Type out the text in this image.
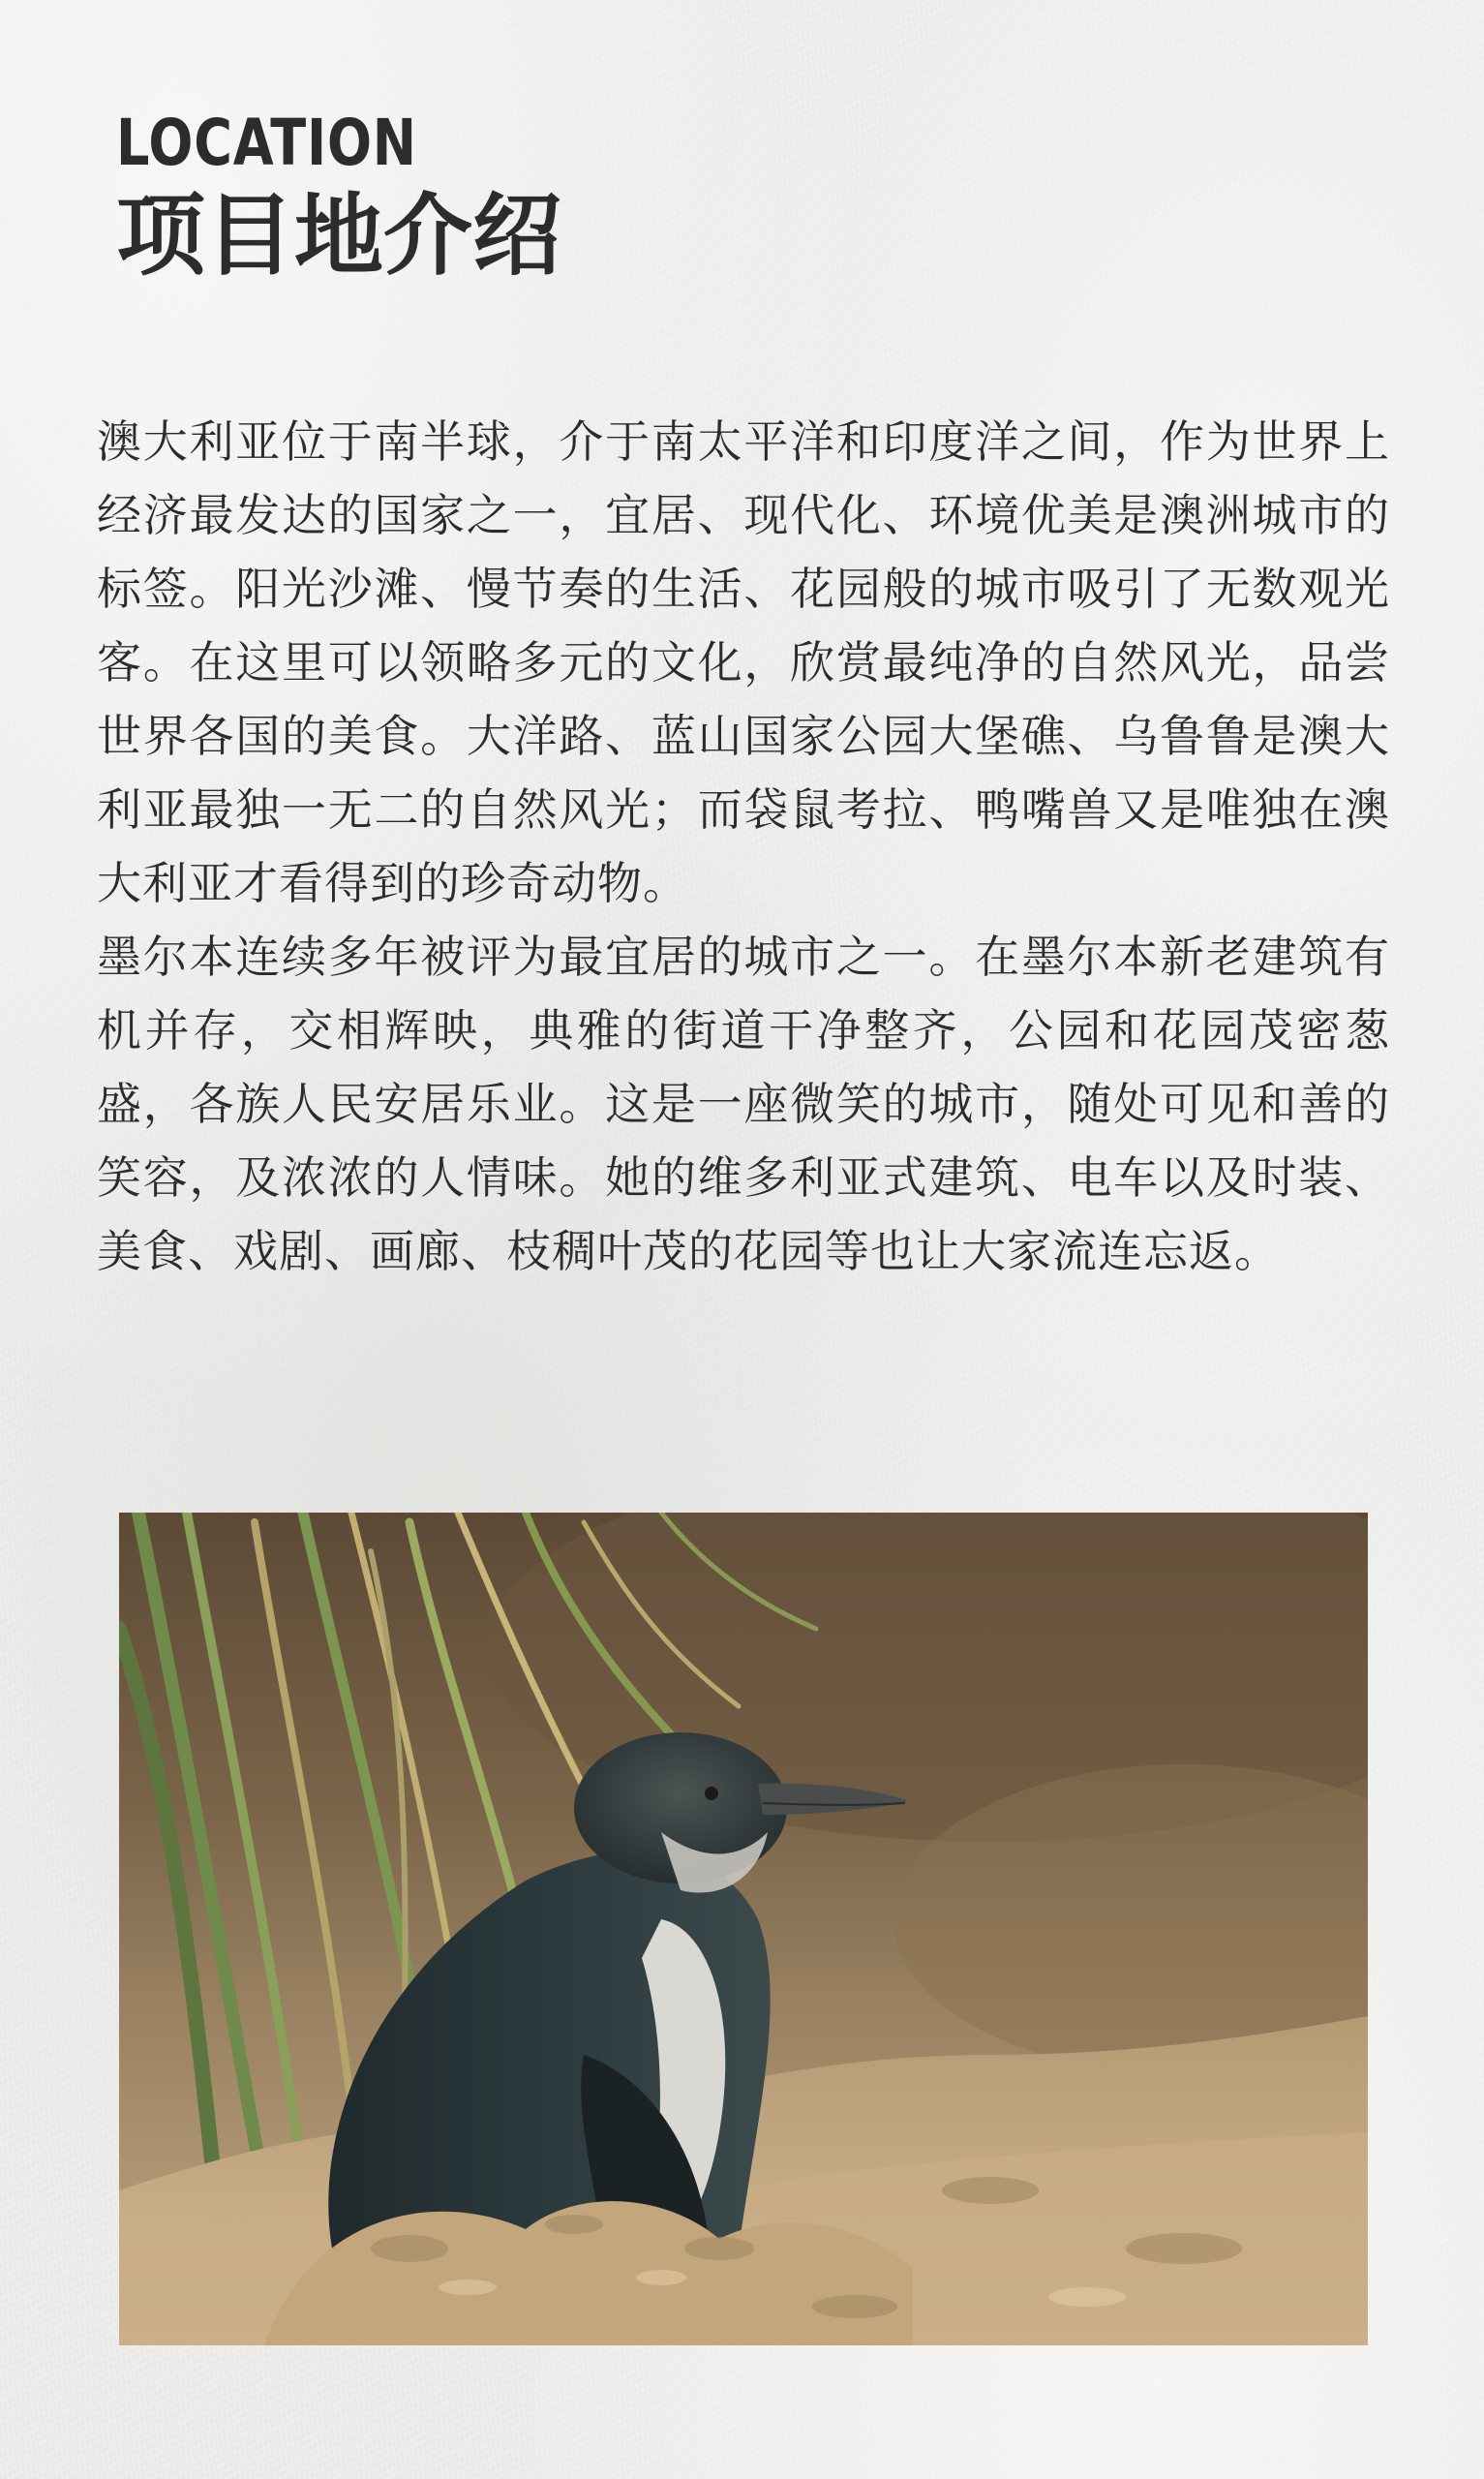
LOCATION
项目地介绍

澳大利亚位于南半球，介于南太平洋和印度洋之间，作为世界上经济最发达的国家之一，宜居、现代化、环境优美是澳洲城市的标签。阳光沙滩、慢节奏的生活、花园般的城市吸引了无数观光客。在这里可以领略多元的文化，欣赏最纯净的自然风光，品尝世界各国的美食。大洋路、蓝山国家公园大堡礁、乌鲁鲁是澳大利亚最独一无二的自然风光；而袋鼠考拉、鸭嘴兽又是唯独在澳大利亚才看得到的珍奇动物。

墨尔本连续多年被评为最宜居的城市之一。在墨尔本新老建筑有机并存，交相辉映，典雅的街道干净整齐，公园和花园茂密葱盛，各族人民安居乐业。这是一座微笑的城市，随处可见和善的笑容，及浓浓的人情味。她的维多利亚式建筑、电车以及时装、美食、戏剧、画廊、枝稠叶茂的花园等也让大家流连忘返。
